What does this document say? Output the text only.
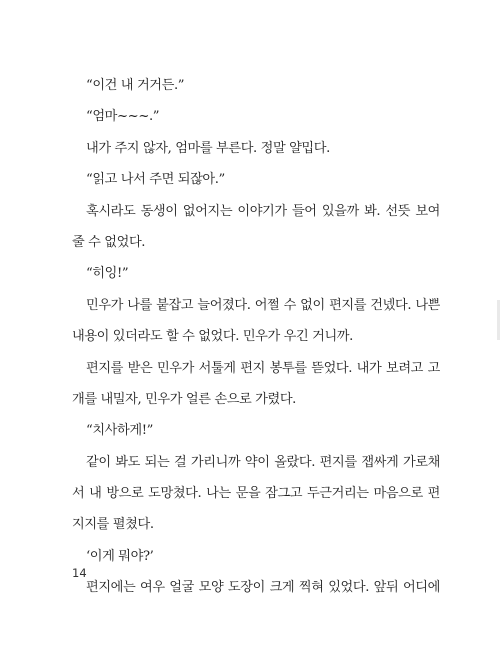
“이건 내 거거든.”
“엄마~~~.”
내가 주지 않자, 엄마를 부른다. 정말 얄밉다.
“읽고 나서 주면 되잖아.”
혹시라도 동생이 없어지는 이야기가 들어 있을까 봐. 선뜻 보여
줄 수 없었다.
“히잉!”
민우가 나를 붙잡고 늘어졌다. 어쩔 수 없이 편지를 건넸다. 나쁜
내용이 있더라도 할 수 없었다. 민우가 우긴 거니까.
편지를 받은 민우가 서툴게 편지 봉투를 뜯었다. 내가 보려고 고
개를 내밀자, 민우가 얼른 손으로 가렸다.
“치사하게!”
같이 봐도 되는 걸 가리니까 약이 올랐다. 편지를 잽싸게 가로채
서 내 방으로 도망쳤다. 나는 문을 잠그고 두근거리는 마음으로 편
지지를 펼쳤다.
‘이게 뭐야?’
편지에는 여우 얼굴 모양 도장이 크게 찍혀 있었다. 앞뒤 어디에
14
